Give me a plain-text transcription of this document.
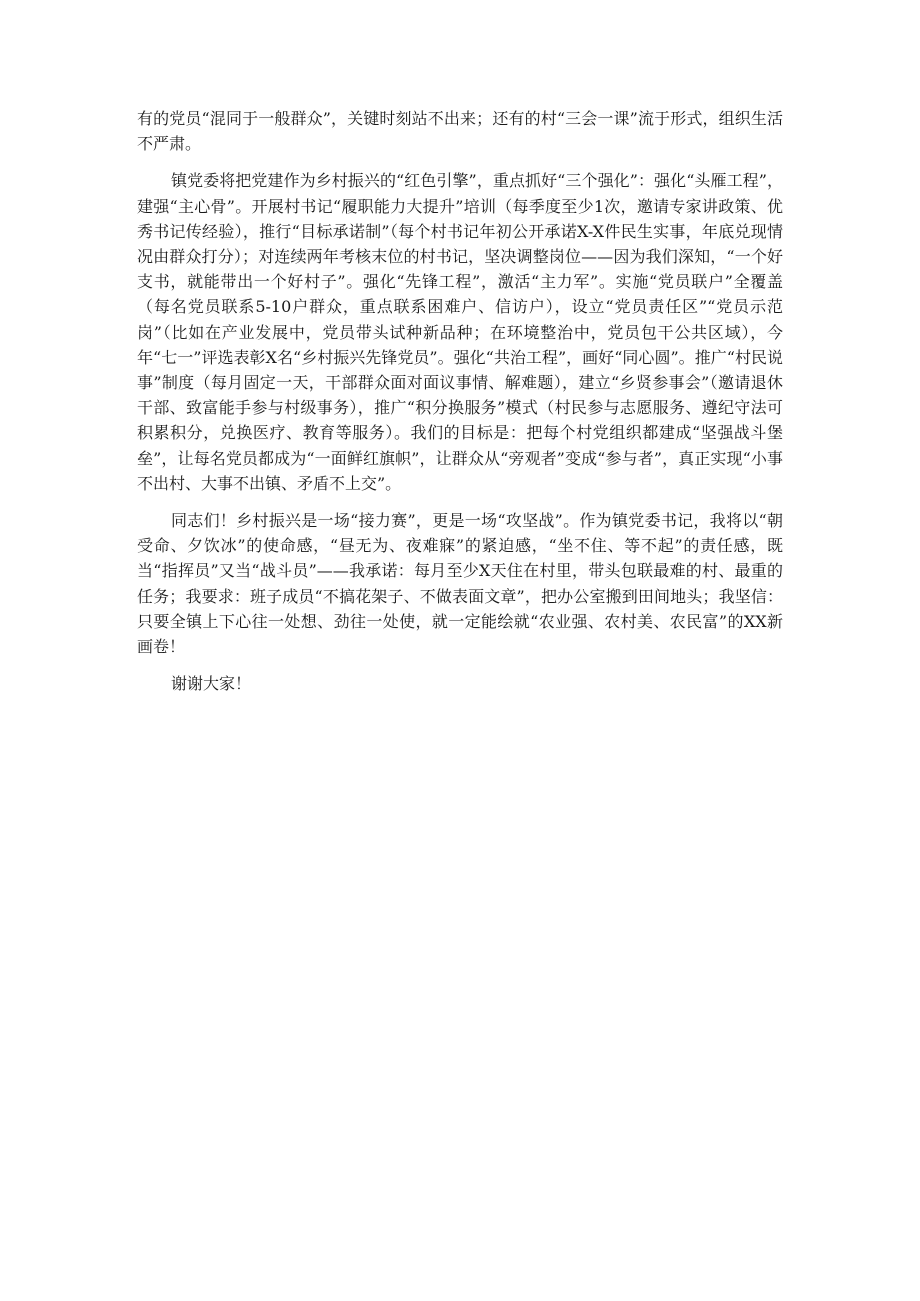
有的党员“混同于一般群众”，关键时刻站不出来；还有的村“三会一课”流于形式，组织生活不严肃。

镇党委将把党建作为乡村振兴的“红色引擎”，重点抓好“三个强化”：强化“头雁工程”，建强“主心骨”。开展村书记“履职能力大提升”培训（每季度至少1次，邀请专家讲政策、优秀书记传经验），推行“目标承诺制”（每个村书记年初公开承诺X-X件民生实事，年底兑现情况由群众打分）；对连续两年考核末位的村书记，坚决调整岗位——因为我们深知，“一个好支书，就能带出一个好村子”。强化“先锋工程”，激活“主力军”。实施“党员联户”全覆盖（每名党员联系5-10户群众，重点联系困难户、信访户），设立“党员责任区”“党员示范岗”（比如在产业发展中，党员带头试种新品种；在环境整治中，党员包干公共区域），今年“七一”评选表彰X名“乡村振兴先锋党员”。强化“共治工程”，画好“同心圆”。推广“村民说事”制度（每月固定一天，干部群众面对面议事情、解难题），建立“乡贤参事会”（邀请退休干部、致富能手参与村级事务），推广“积分换服务”模式（村民参与志愿服务、遵纪守法可积累积分，兑换医疗、教育等服务）。我们的目标是：把每个村党组织都建成“坚强战斗堡垒”，让每名党员都成为“一面鲜红旗帜”，让群众从“旁观者”变成“参与者”，真正实现“小事不出村、大事不出镇、矛盾不上交”。

同志们！乡村振兴是一场“接力赛”，更是一场“攻坚战”。作为镇党委书记，我将以“朝受命、夕饮冰”的使命感，“昼无为、夜难寐”的紧迫感，“坐不住、等不起”的责任感，既当“指挥员”又当“战斗员”——我承诺：每月至少X天住在村里，带头包联最难的村、最重的任务；我要求：班子成员“不搞花架子、不做表面文章”，把办公室搬到田间地头；我坚信：只要全镇上下心往一处想、劲往一处使，就一定能绘就“农业强、农村美、农民富”的XX新画卷！

谢谢大家！
